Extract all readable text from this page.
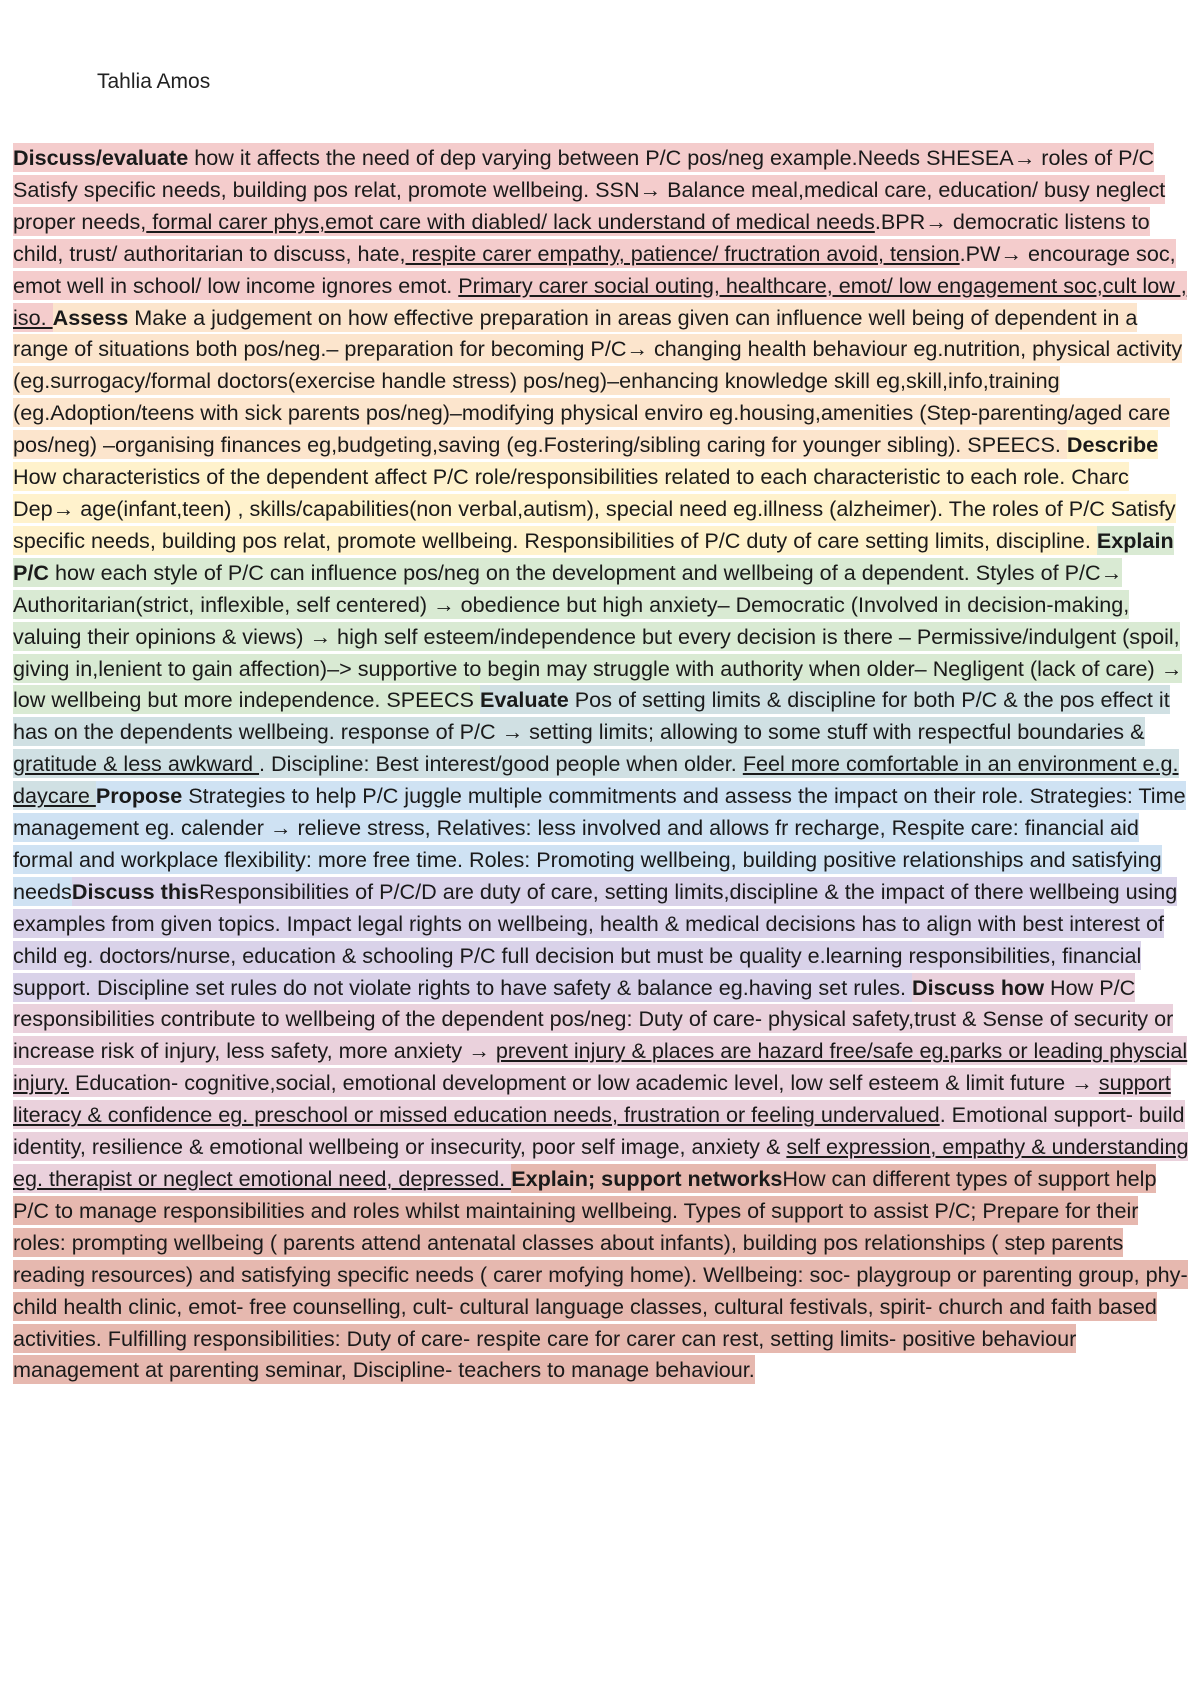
Tahlia Amos

Discuss/evaluate how it affects the need of dep varying between P/C pos/neg example.Needs SHESEA→ roles of P/C Satisfy specific needs, building pos relat, promote wellbeing. SSN→ Balance meal,medical care, education/ busy neglect proper needs, formal carer phys,emot care with diabled/ lack understand of medical needs.BPR→ democratic listens to child, trust/ authoritarian to discuss, hate, respite carer empathy, patience/ fructration avoid, tension.PW→ encourage soc, emot well in school/ low income ignores emot. Primary carer social outing, healthcare, emot/ low engagement soc,cult low , iso. Assess Make a judgement on how effective preparation in areas given can influence well being of dependent in a range of situations both pos/neg.– preparation for becoming P/C→ changing health behaviour eg.nutrition, physical activity (eg.surrogacy/formal doctors(exercise handle stress) pos/neg)–enhancing knowledge skill eg,skill,info,training (eg.Adoption/teens with sick parents pos/neg)–modifying physical enviro eg.housing,amenities (Step-parenting/aged care pos/neg) –organising finances eg,budgeting,saving (eg.Fostering/sibling caring for younger sibling). SPEECS. Describe How characteristics of the dependent affect P/C role/responsibilities related to each characteristic to each role. Charc Dep→ age(infant,teen) , skills/capabilities(non verbal,autism), special need eg.illness (alzheimer). The roles of P/C Satisfy specific needs, building pos relat, promote wellbeing. Responsibilities of P/C duty of care setting limits, discipline. Explain P/C how each style of P/C can influence pos/neg on the development and wellbeing of a dependent. Styles of P/C→ Authoritarian(strict, inflexible, self centered) → obedience but high anxiety– Democratic (Involved in decision-making, valuing their opinions & views) → high self esteem/independence but every decision is there – Permissive/indulgent (spoil, giving in,lenient to gain affection)–> supportive to begin may struggle with authority when older– Negligent (lack of care) → low wellbeing but more independence. SPEECS Evaluate Pos of setting limits & discipline for both P/C & the pos effect it has on the dependents wellbeing. response of P/C → setting limits; allowing to some stuff with respectful boundaries & gratitude & less awkward . Discipline: Best interest/good people when older. Feel more comfortable in an environment e.g. daycare Propose Strategies to help P/C juggle multiple commitments and assess the impact on their role. Strategies: Time management eg. calender → relieve stress, Relatives: less involved and allows fr recharge, Respite care: financial aid formal and workplace flexibility: more free time. Roles: Promoting wellbeing, building positive relationships and satisfying needsDiscuss thisResponsibilities of P/C/D are duty of care, setting limits,discipline & the impact of there wellbeing using examples from given topics. Impact legal rights on wellbeing, health & medical decisions has to align with best interest of child eg. doctors/nurse, education & schooling P/C full decision but must be quality e.learning responsibilities, financial support. Discipline set rules do not violate rights to have safety & balance eg.having set rules. Discuss how How P/C responsibilities contribute to wellbeing of the dependent pos/neg: Duty of care- physical safety,trust & Sense of security or increase risk of injury, less safety, more anxiety → prevent injury & places are hazard free/safe eg.parks or leading physcial injury. Education- cognitive,social, emotional development or low academic level, low self esteem & limit future → support literacy & confidence eg. preschool or missed education needs, frustration or feeling undervalued. Emotional support- build identity, resilience & emotional wellbeing or insecurity, poor self image, anxiety & self expression, empathy & understanding eg. therapist or neglect emotional need, depressed. Explain; support networksHow can different types of support help P/C to manage responsibilities and roles whilst maintaining wellbeing. Types of support to assist P/C; Prepare for their roles: prompting wellbeing ( parents attend antenatal classes about infants), building pos relationships ( step parents reading resources) and satisfying specific needs ( carer mofying home). Wellbeing: soc- playgroup or parenting group, phy- child health clinic, emot- free counselling, cult- cultural language classes, cultural festivals, spirit- church and faith based activities. Fulfilling responsibilities: Duty of care- respite care for carer can rest, setting limits- positive behaviour management at parenting seminar, Discipline- teachers to manage behaviour.
